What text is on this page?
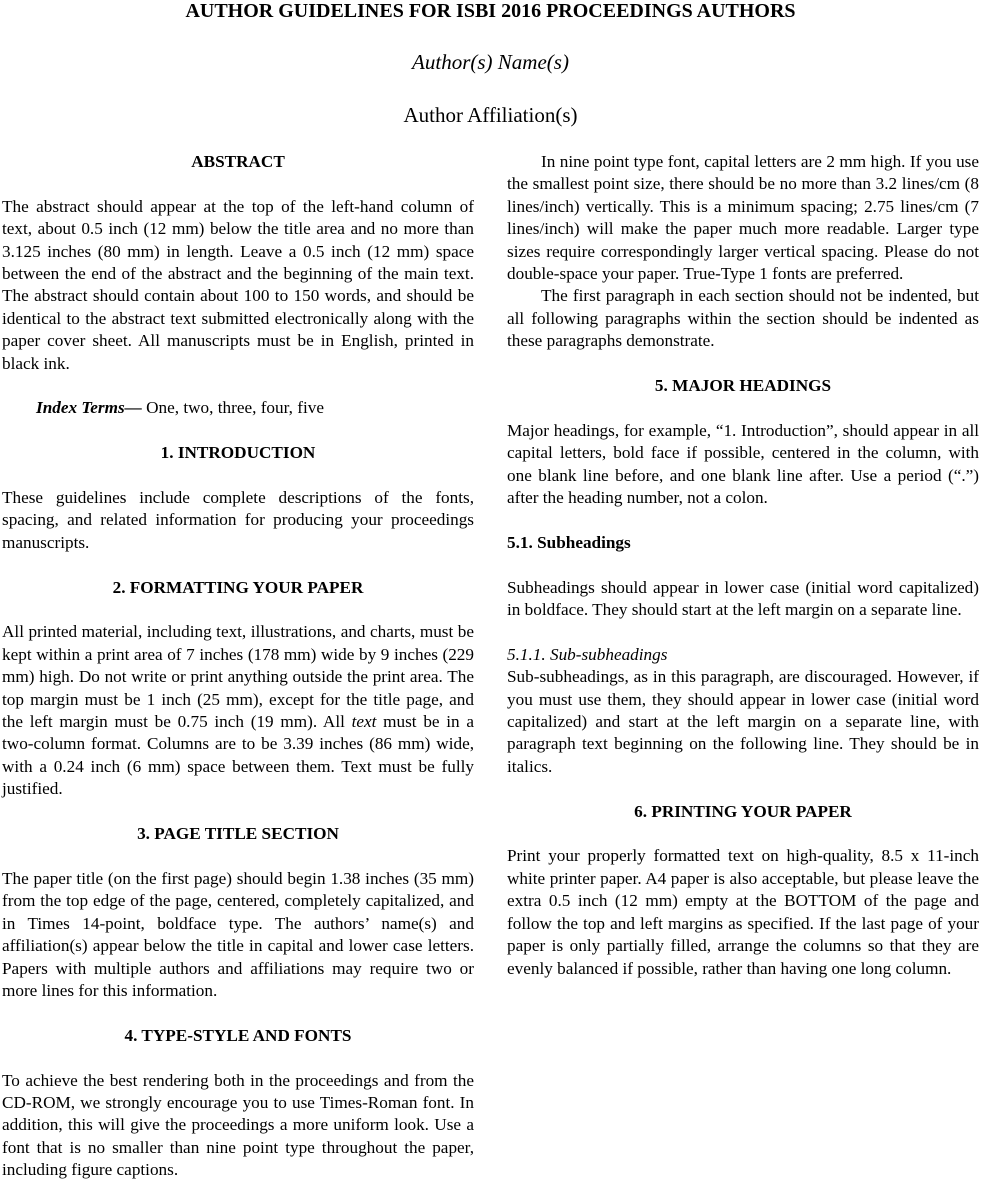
AUTHOR GUIDELINES FOR ISBI 2016 PROCEEDINGS AUTHORS
Author(s) Name(s)
Author Affiliation(s)
ABSTRACT

The abstract should appear at the top of the left-hand column of text, about 0.5 inch (12 mm) below the title area and no more than 3.125 inches (80 mm) in length. Leave a 0.5 inch (12 mm) space between the end of the abstract and the beginning of the main text. The abstract should contain about 100 to 150 words, and should be identical to the abstract text submitted electronically along with the paper cover sheet. All manuscripts must be in English, printed in black ink.

Index Terms— One, two, three, four, five

1. INTRODUCTION

These guidelines include complete descriptions of the fonts, spacing, and related information for producing your proceedings manuscripts.

2. FORMATTING YOUR PAPER

All printed material, including text, illustrations, and charts, must be kept within a print area of 7 inches (178 mm) wide by 9 inches (229 mm) high. Do not write or print anything outside the print area. The top margin must be 1 inch (25 mm), except for the title page, and the left margin must be 0.75 inch (19 mm). All text must be in a two-column format. Columns are to be 3.39 inches (86 mm) wide, with a 0.24 inch (6 mm) space between them. Text must be fully justified.

3. PAGE TITLE SECTION

The paper title (on the first page) should begin 1.38 inches (35 mm) from the top edge of the page, centered, completely capitalized, and in Times 14-point, boldface type. The authors’ name(s) and affiliation(s) appear below the title in capital and lower case letters. Papers with multiple authors and affiliations may require two or more lines for this information.

4. TYPE-STYLE AND FONTS

To achieve the best rendering both in the proceedings and from the CD-ROM, we strongly encourage you to use Times-Roman font. In addition, this will give the proceedings a more uniform look. Use a font that is no smaller than nine point type throughout the paper, including figure captions.

In nine point type font, capital letters are 2 mm high. If you use the smallest point size, there should be no more than 3.2 lines/cm (8 lines/inch) vertically. This is a minimum spacing; 2.75 lines/cm (7 lines/inch) will make the paper much more readable. Larger type sizes require correspondingly larger vertical spacing. Please do not double-space your paper. True-Type 1 fonts are preferred.

The first paragraph in each section should not be indented, but all following paragraphs within the section should be indented as these paragraphs demonstrate.

5. MAJOR HEADINGS

Major headings, for example, “1. Introduction”, should appear in all capital letters, bold face if possible, centered in the column, with one blank line before, and one blank line after. Use a period (“.”) after the heading number, not a colon.

5.1. Subheadings

Subheadings should appear in lower case (initial word capitalized) in boldface. They should start at the left margin on a separate line.

5.1.1. Sub-subheadings

Sub-subheadings, as in this paragraph, are discouraged. However, if you must use them, they should appear in lower case (initial word capitalized) and start at the left margin on a separate line, with paragraph text beginning on the following line. They should be in italics.

6. PRINTING YOUR PAPER

Print your properly formatted text on high-quality, 8.5 x 11-inch white printer paper. A4 paper is also acceptable, but please leave the extra 0.5 inch (12 mm) empty at the BOTTOM of the page and follow the top and left margins as specified. If the last page of your paper is only partially filled, arrange the columns so that they are evenly balanced if possible, rather than having one long column.
